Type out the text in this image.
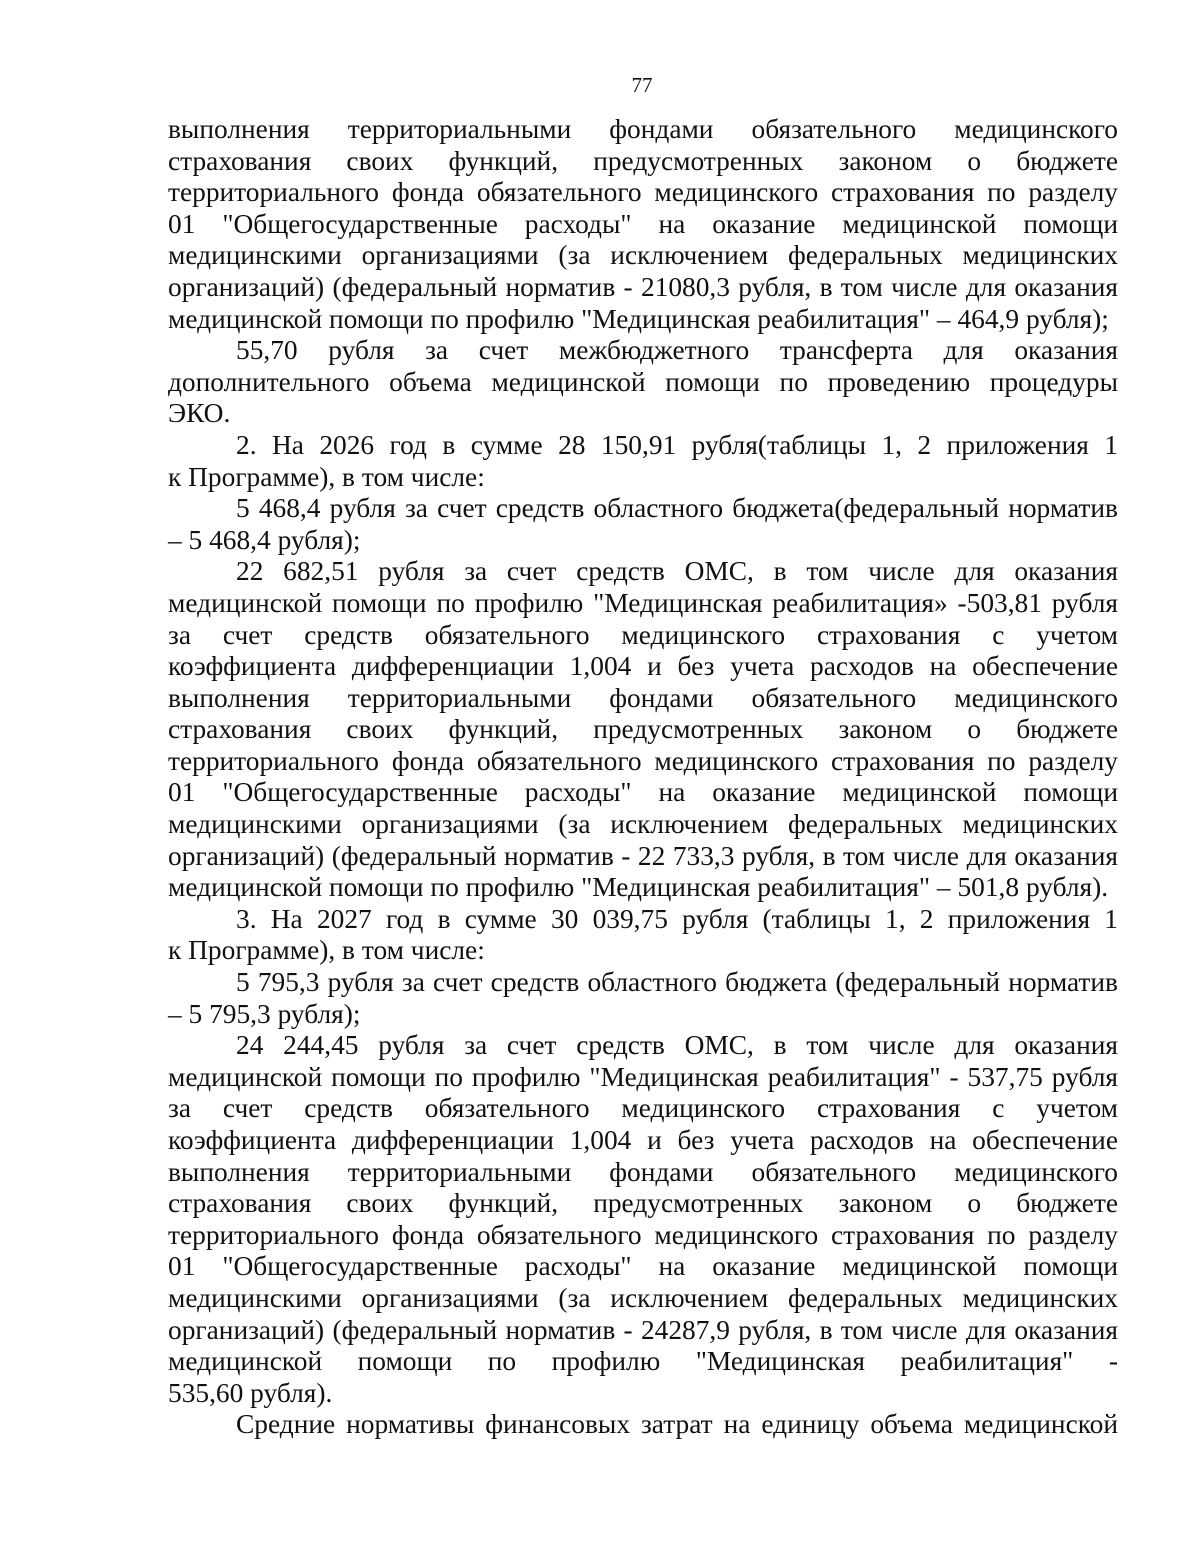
77
выполнения территориальными фондами обязательного медицинского
страхования своих функций, предусмотренных законом о бюджете
территориального фонда обязательного медицинского страхования по разделу
01 "Общегосударственные расходы" на оказание медицинской помощи
медицинскими организациями (за исключением федеральных медицинских
организаций) (федеральный норматив - 21080,3 рубля, в том числе для оказания
медицинской помощи по профилю "Медицинская реабилитация" – 464,9 рубля);
55,70 рубля за счет межбюджетного трансферта для оказания
дополнительного объема медицинской помощи по проведению процедуры
ЭКО.
2. На 2026 год в сумме 28 150,91 рубля(таблицы 1, 2 приложения 1
к Программе), в том числе:
5 468,4 рубля за счет средств областного бюджета(федеральный норматив
– 5 468,4 рубля);
22 682,51 рубля за счет средств ОМС, в том числе для оказания
медицинской помощи по профилю "Медицинская реабилитация» -503,81 рубля
за счет средств обязательного медицинского страхования с учетом
коэффициента дифференциации 1,004 и без учета расходов на обеспечение
выполнения территориальными фондами обязательного медицинского
страхования своих функций, предусмотренных законом о бюджете
территориального фонда обязательного медицинского страхования по разделу
01 "Общегосударственные расходы" на оказание медицинской помощи
медицинскими организациями (за исключением федеральных медицинских
организаций) (федеральный норматив - 22 733,3 рубля, в том числе для оказания
медицинской помощи по профилю "Медицинская реабилитация" – 501,8 рубля).
3. На 2027 год в сумме 30 039,75 рубля (таблицы 1, 2 приложения 1
к Программе), в том числе:
5 795,3 рубля за счет средств областного бюджета (федеральный норматив
– 5 795,3 рубля);
24 244,45 рубля за счет средств ОМС, в том числе для оказания
медицинской помощи по профилю "Медицинская реабилитация" - 537,75 рубля
за счет средств обязательного медицинского страхования с учетом
коэффициента дифференциации 1,004 и без учета расходов на обеспечение
выполнения территориальными фондами обязательного медицинского
страхования своих функций, предусмотренных законом о бюджете
территориального фонда обязательного медицинского страхования по разделу
01 "Общегосударственные расходы" на оказание медицинской помощи
медицинскими организациями (за исключением федеральных медицинских
организаций) (федеральный норматив - 24287,9 рубля, в том числе для оказания
медицинской помощи по профилю "Медицинская реабилитация" -
535,60 рубля).
Средние нормативы финансовых затрат на единицу объема медицинской
